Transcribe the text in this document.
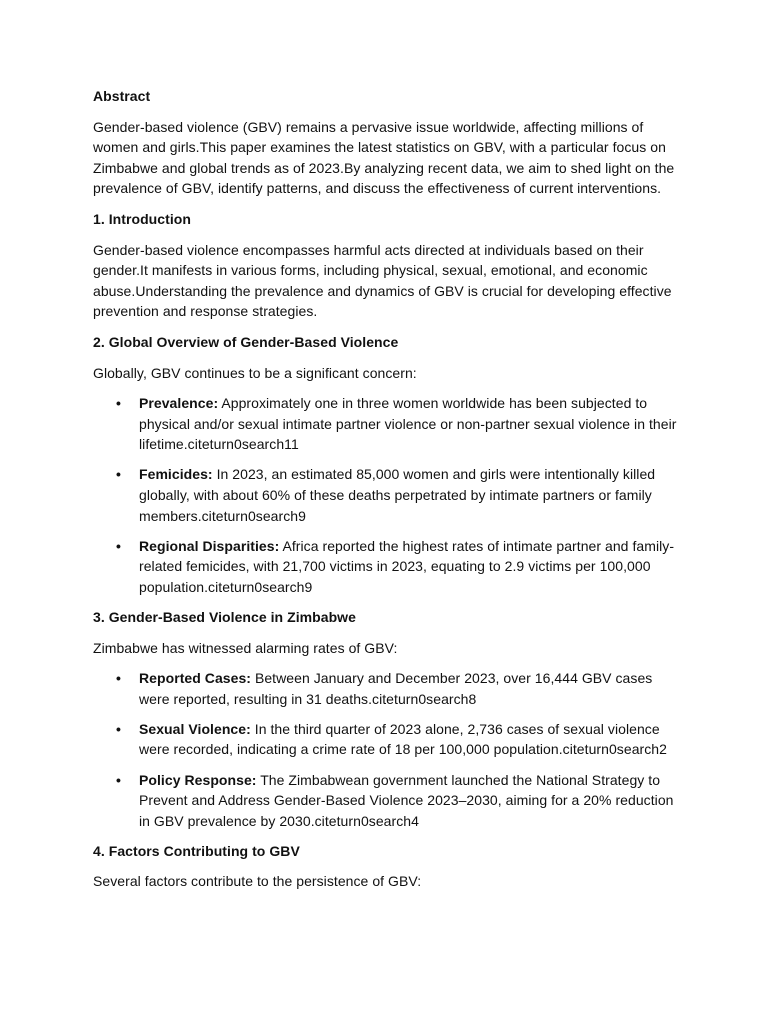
Abstract

​Gender-based violence (GBV) remains a pervasive issue worldwide, affecting millions of women and girls.​​This paper examines the latest statistics on GBV, with a particular focus on Zimbabwe and global trends as of 2023.​​By analyzing recent data, we aim to shed light on the prevalence of GBV, identify patterns, and discuss the effectiveness of current interventions.​​

1. Introduction

​Gender-based violence encompasses harmful acts directed at individuals based on their gender.​​It manifests in various forms, including physical, sexual, emotional, and economic abuse.​​Understanding the prevalence and dynamics of GBV is crucial for developing effective prevention and response strategies.​​

2. Global Overview of Gender-Based Violence

​Globally, GBV continues to be a significant concern:​​

• Prevalence: ​Approximately one in three women worldwide has been subjected to physical and/or sexual intimate partner violence or non-partner sexual violence in their lifetime.​​cite​turn0search11​​
• Femicides: ​In 2023, an estimated 85,000 women and girls were intentionally killed globally, with about 60% of these deaths perpetrated by intimate partners or family members.​​cite​turn0search9​​
• Regional Disparities: ​Africa reported the highest rates of intimate partner and family-related femicides, with 21,700 victims in 2023, equating to 2.9 victims per 100,000 population.​​cite​turn0search9​​
3. Gender-Based Violence in Zimbabwe

​Zimbabwe has witnessed alarming rates of GBV:​​

• Reported Cases: ​Between January and December 2023, over 16,444 GBV cases were reported, resulting in 31 deaths.​​cite​turn0search8​​
• Sexual Violence: ​In the third quarter of 2023 alone, 2,736 cases of sexual violence were recorded, indicating a crime rate of 18 per 100,000 population.​​cite​turn0search2​​
• Policy Response: ​The Zimbabwean government launched the National Strategy to Prevent and Address Gender-Based Violence 2023–2030, aiming for a 20% reduction in GBV prevalence by 2030.​​cite​turn0search4​​
4. Factors Contributing to GBV

​Several factors contribute to the persistence of GBV:​​
